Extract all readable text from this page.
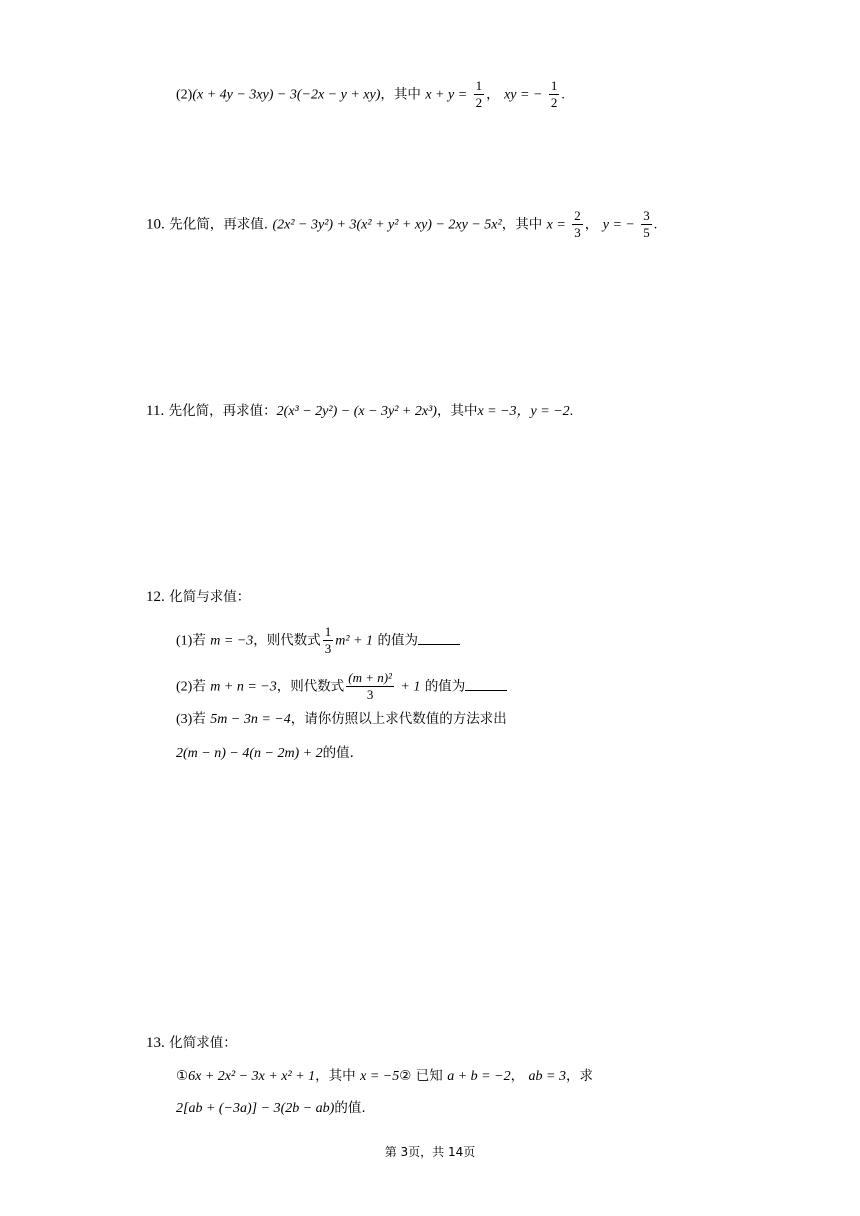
(2)(x + 4y − 3xy) − 3(−2x − y + xy)，其中 $x + y = \frac{1}{2}$ ， xy = − $\frac{1}{2}$ .
10. 先化简，再求值. (2x² − 3y²) + 3(x² + y² + xy) − 2xy − 5x²，其中 $x = \frac{2}{3}$ ， y = − $\frac{3}{5}$ .
11. 先化简，再求值：2(x³ − 2y²) − (x − 3y² + 2x³)，其中x = −3，y = −2.
12. 化简与求值：
(1)若 m = −3，则代数式 $\frac{1}{3} m^2 + 1$ 的值为
(2)若 m + n = −3，则代数式 $\frac{\text{(m + n)²}}{3} + 1$ 的值为
(3)若 5m − 3n = −4，请你仿照以上求代数值的方法求出
2(m − n) − 4(n − 2m) + 2的值.
13. 化简求值：
①6x + 2x² − 3x + x² + 1，其中 x = −5② 已知 a + b = −2， ab = 3，求
2[ab + (−3a)] − 3(2b − ab)的值.
第 3页，共 14页
